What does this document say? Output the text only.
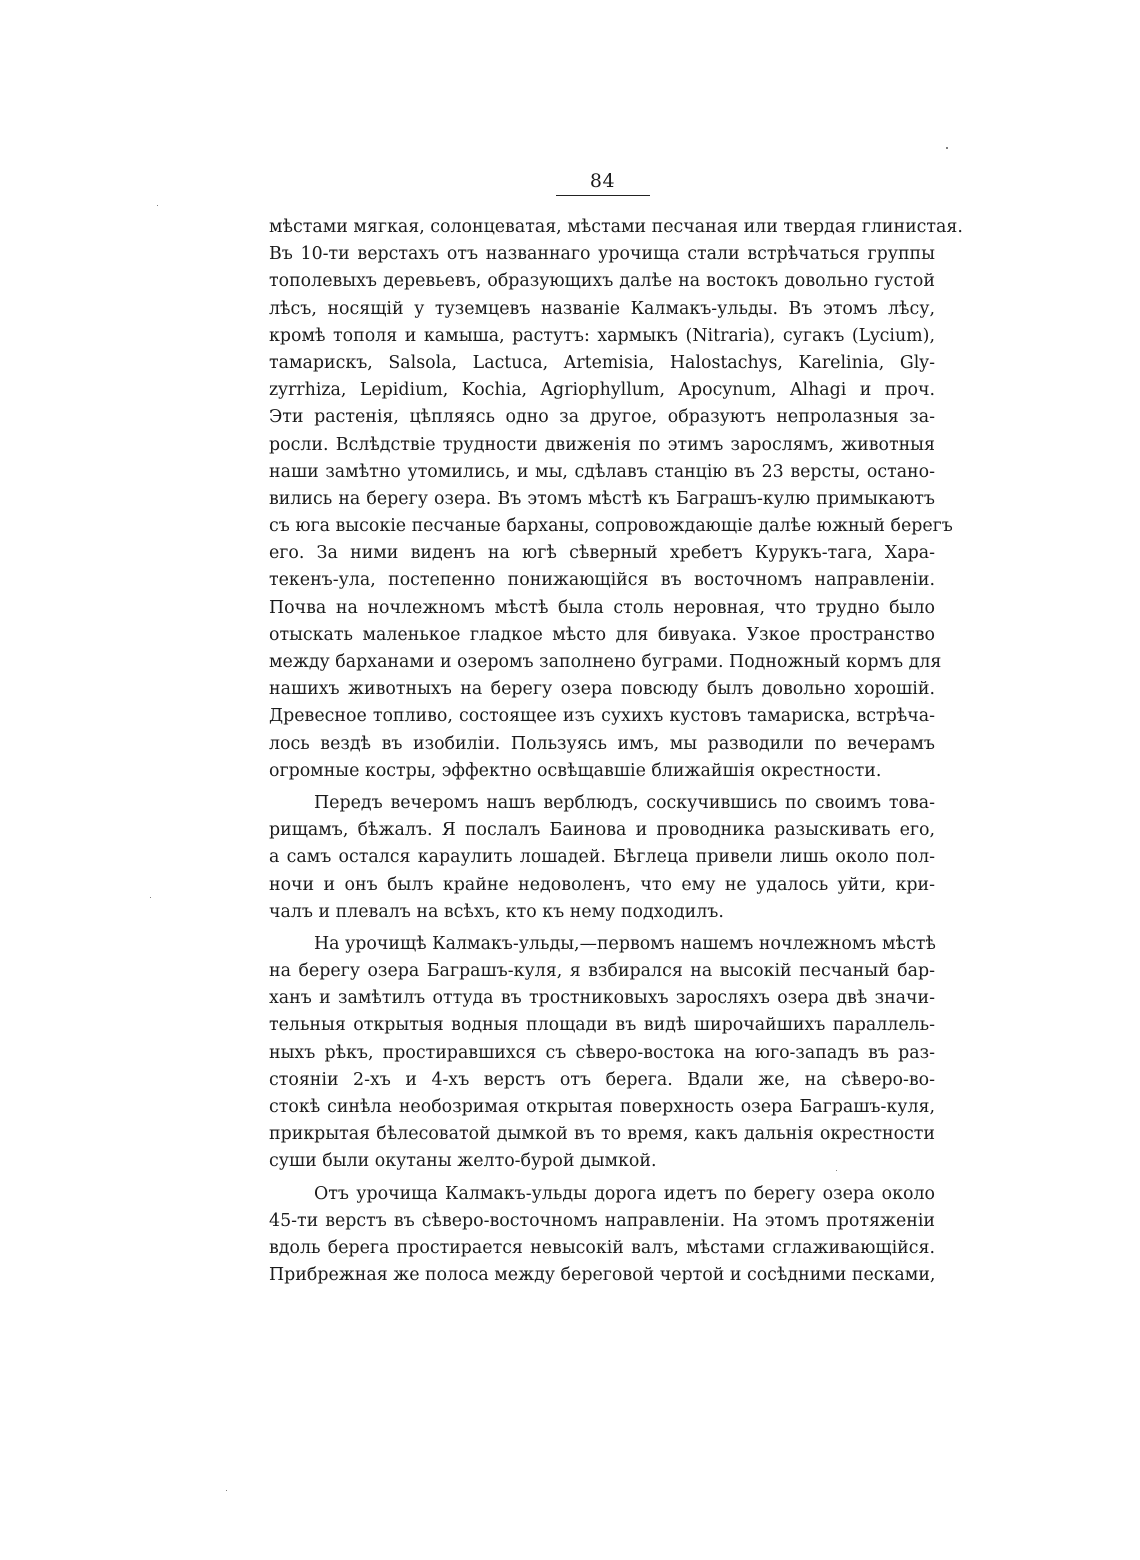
84
мѣстами мягкая, солонцеватая, мѣстами песчаная или твердая глинистая.
Въ 10-ти верстахъ отъ названнаго урочища стали встрѣчаться группы
тополевыхъ деревьевъ, образующихъ далѣе на востокъ довольно густой
лѣсъ, носящій у туземцевъ названіе Калмакъ-ульды. Въ этомъ лѣсу,
кромѣ тополя и камыша, растутъ: хармыкъ (Nitraria), сугакъ (Lycium),
тамарискъ, Salsola, Lactuca, Artemisia, Halostachys, Karelinia, Gly-
zyrrhiza, Lepidium, Kochia, Agriophyllum, Apocynum, Alhagi и проч.
Эти растенія, цѣпляясь одно за другое, образуютъ непролазныя за-
росли. Вслѣдствіе трудности движенія по этимъ зарослямъ, животныя
наши замѣтно утомились, и мы, сдѣлавъ станцію въ 23 версты, остано-
вились на берегу озера. Въ этомъ мѣстѣ къ Баграшъ-кулю примыкаютъ
съ юга высокіе песчаные барханы, сопровождающіе далѣе южный берегъ
его. За ними виденъ на югѣ сѣверный хребетъ Курукъ-тага, Хара-
текенъ-ула, постепенно понижающійся въ восточномъ направленіи.
Почва на ночлежномъ мѣстѣ была столь неровная, что трудно было
отыскать маленькое гладкое мѣсто для бивуака. Узкое пространство
между барханами и озеромъ заполнено буграми. Подножный кормъ для
нашихъ животныхъ на берегу озера повсюду былъ довольно хорошій.
Древесное топливо, состоящее изъ сухихъ кустовъ тамариска, встрѣча-
лось вездѣ въ изобиліи. Пользуясь имъ, мы разводили по вечерамъ
огромные костры, эффектно освѣщавшіе ближайшія окрестности.
Передъ вечеромъ нашъ верблюдъ, соскучившись по своимъ това-
рищамъ, бѣжалъ. Я послалъ Баинова и проводника разыскивать его,
а самъ остался караулить лошадей. Бѣглеца привели лишь около пол-
ночи и онъ былъ крайне недоволенъ, что ему не удалось уйти, кри-
чалъ и плевалъ на всѣхъ, кто къ нему подходилъ.
На урочищѣ Калмакъ-ульды,—первомъ нашемъ ночлежномъ мѣстѣ
на берегу озера Баграшъ-куля, я взбирался на высокій песчаный бар-
ханъ и замѣтилъ оттуда въ тростниковыхъ заросляхъ озера двѣ значи-
тельныя открытыя водныя площади въ видѣ широчайшихъ параллель-
ныхъ рѣкъ, простиравшихся съ сѣверо-востока на юго-западъ въ раз-
стояніи 2-хъ и 4-хъ верстъ отъ берега. Вдали же, на сѣверо-во-
стокѣ синѣла необозримая открытая поверхность озера Баграшъ-куля,
прикрытая бѣлесоватой дымкой въ то время, какъ дальнія окрестности
суши были окутаны желто-бурой дымкой.
Отъ урочища Калмакъ-ульды дорога идетъ по берегу озера около
45-ти верстъ въ сѣверо-восточномъ направленіи. На этомъ протяженіи
вдоль берега простирается невысокій валъ, мѣстами сглаживающійся.
Прибрежная же полоса между береговой чертой и сосѣдними песками,
